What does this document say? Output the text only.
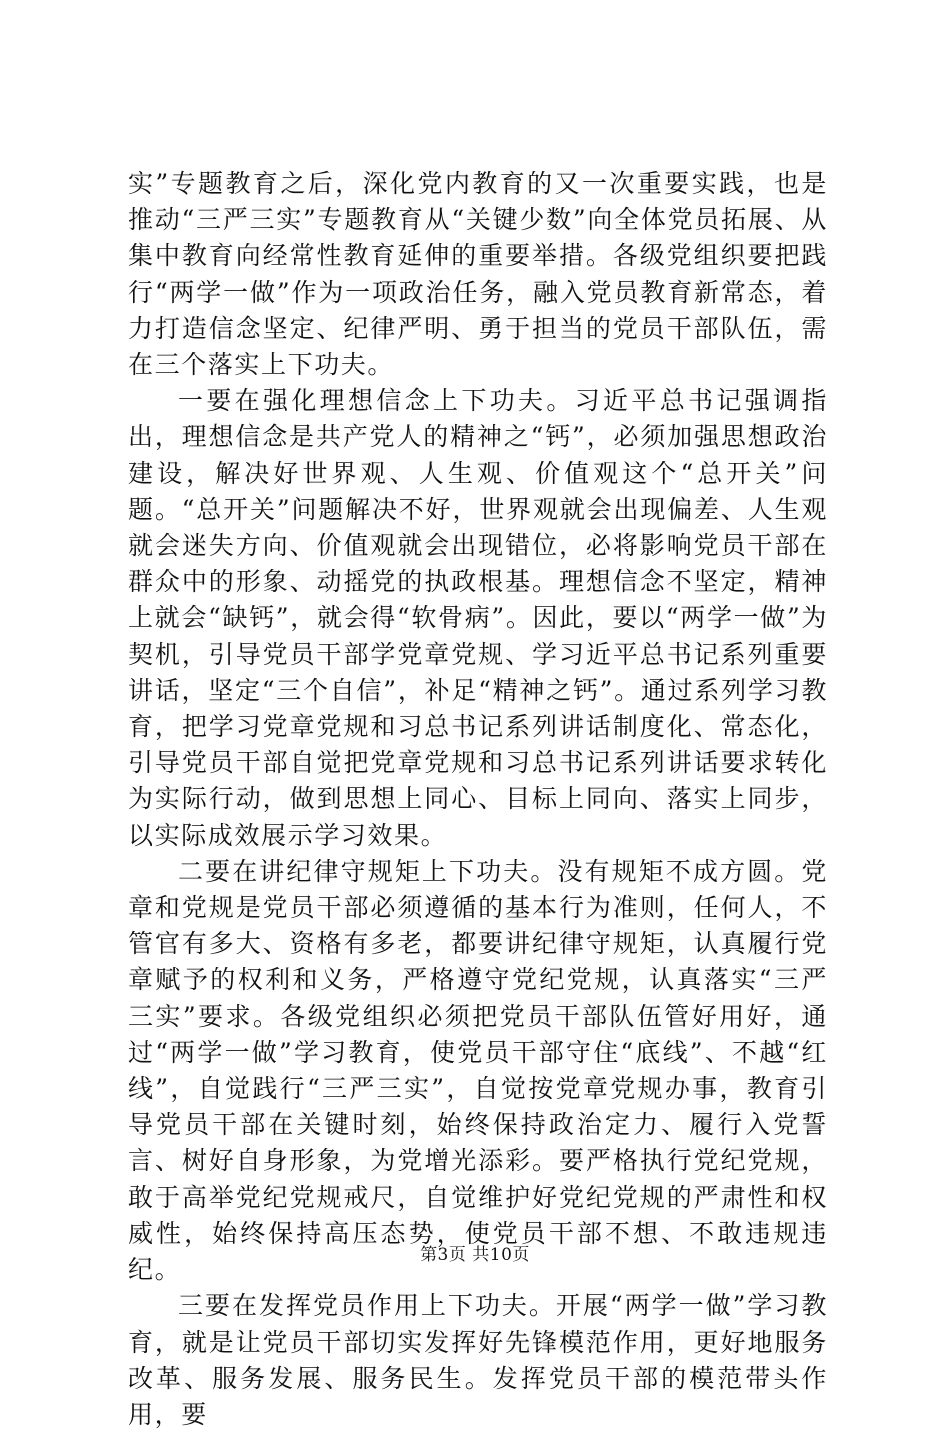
实”专题教育之后，深化党内教育的又一次重要实践，也是推动“三严三实”专题教育从“关键少数”向全体党员拓展、从集中教育向经常性教育延伸的重要举措。各级党组织要把践行“两学一做”作为一项政治任务，融入党员教育新常态，着力打造信念坚定、纪律严明、勇于担当的党员干部队伍，需在三个落实上下功夫。

一要在强化理想信念上下功夫。习近平总书记强调指出，理想信念是共产党人的精神之“钙”，必须加强思想政治建设，解决好世界观、人生观、价值观这个“总开关”问题。“总开关”问题解决不好，世界观就会出现偏差、人生观就会迷失方向、价值观就会出现错位，必将影响党员干部在群众中的形象、动摇党的执政根基。理想信念不坚定，精神上就会“缺钙”，就会得“软骨病”。因此，要以“两学一做”为契机，引导党员干部学党章党规、学习近平总书记系列重要讲话，坚定“三个自信”，补足“精神之钙”。通过系列学习教育，把学习党章党规和习总书记系列讲话制度化、常态化，引导党员干部自觉把党章党规和习总书记系列讲话要求转化为实际行动，做到思想上同心、目标上同向、落实上同步，以实际成效展示学习效果。

二要在讲纪律守规矩上下功夫。没有规矩不成方圆。党章和党规是党员干部必须遵循的基本行为准则，任何人，不管官有多大、资格有多老，都要讲纪律守规矩，认真履行党章赋予的权利和义务，严格遵守党纪党规，认真落实“三严三实”要求。各级党组织必须把党员干部队伍管好用好，通过“两学一做”学习教育，使党员干部守住“底线”、不越“红线”，自觉践行“三严三实”，自觉按党章党规办事，教育引导党员干部在关键时刻，始终保持政治定力、履行入党誓言、树好自身形象，为党增光添彩。要严格执行党纪党规，敢于高举党纪党规戒尺，自觉维护好党纪党规的严肃性和权威性，始终保持高压态势，使党员干部不想、不敢违规违纪。

三要在发挥党员作用上下功夫。开展“两学一做”学习教育，就是让党员干部切实发挥好先锋模范作用，更好地服务改革、服务发展、服务民生。发挥党员干部的模范带头作用，要

第3页 共10页
